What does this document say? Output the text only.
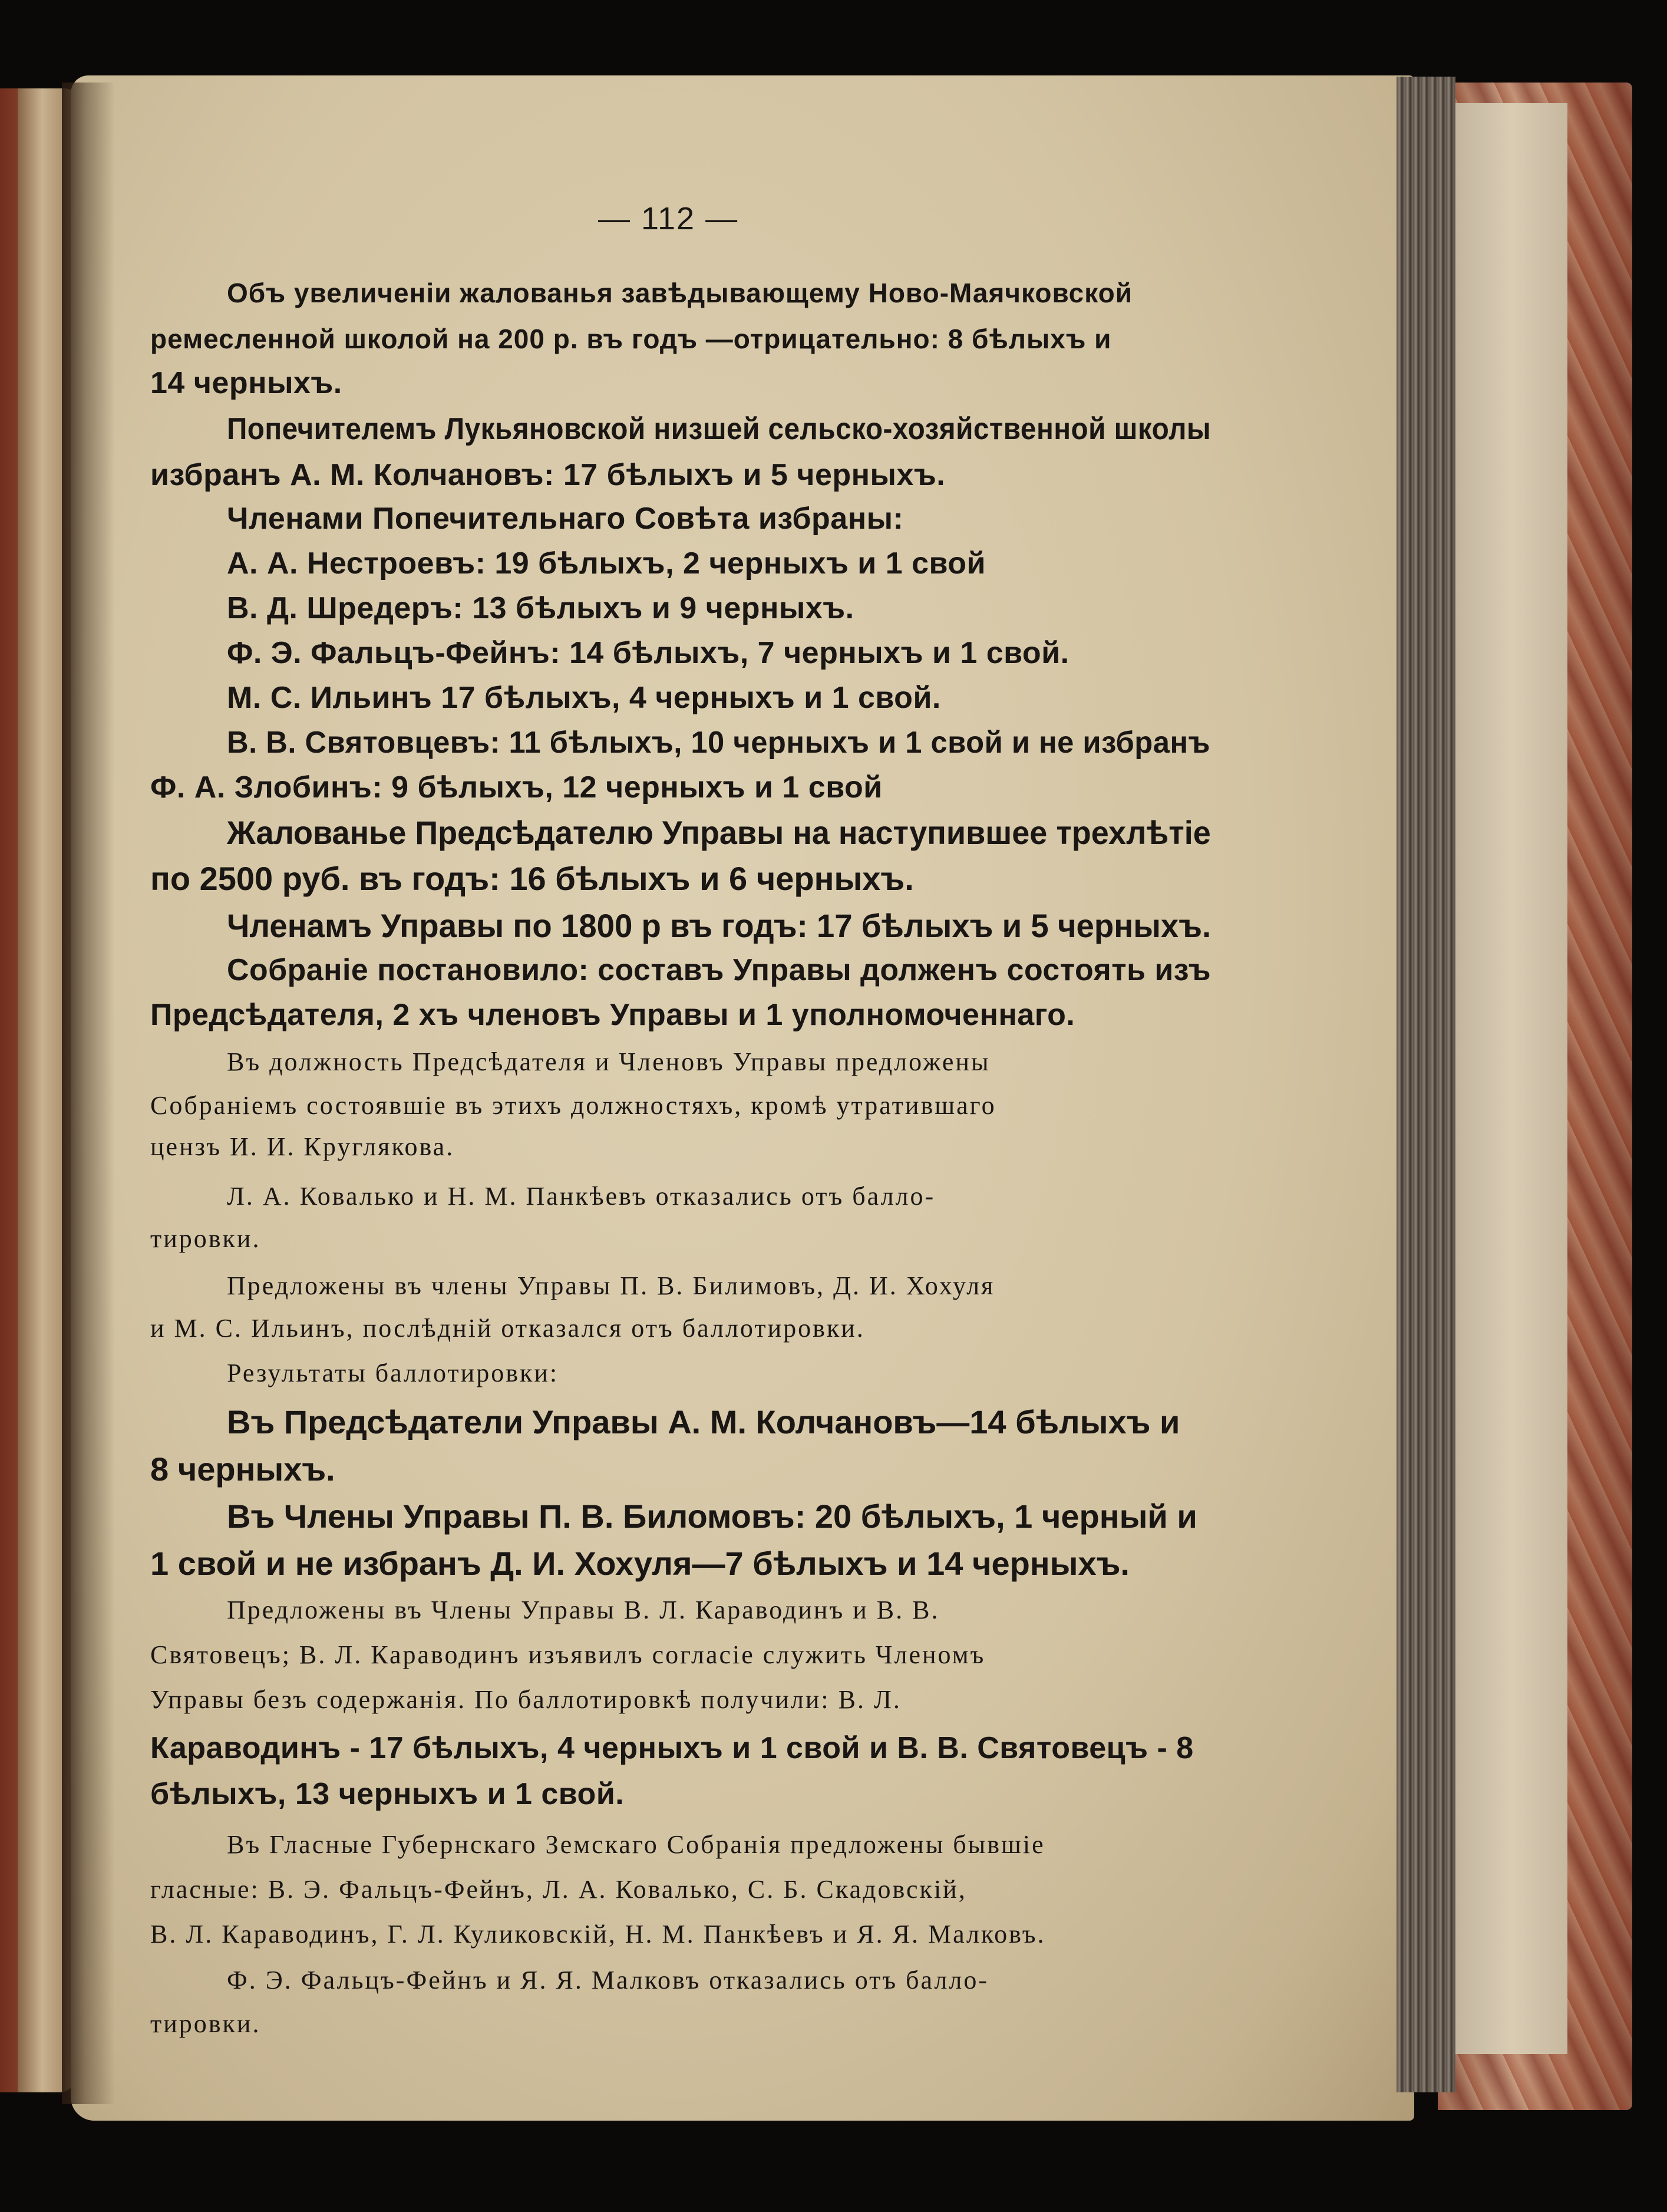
— 112 —
Объ увеличенiи жалованья завѣдывающему Ново-Маячковской
ремесленной школой на 200 р. въ годъ —отрицательно: 8 бѣлыхъ и
14 черныхъ.
Попечителемъ Лукьяновской низшей сельско-хозяйственной школы
избранъ А. М. Колчановъ: 17 бѣлыхъ и 5 черныхъ.
Членами Попечительнаго Совѣта избраны:
А. А. Нестроевъ: 19 бѣлыхъ, 2 черныхъ и 1 свой
В. Д. Шредеръ: 13 бѣлыхъ и 9 черныхъ.
Ф. Э. Фальцъ-Фейнъ: 14 бѣлыхъ, 7 черныхъ и 1 свой.
М. С. Ильинъ 17 бѣлыхъ, 4 черныхъ и 1 свой.
В. В. Святовцевъ: 11 бѣлыхъ, 10 черныхъ и 1 свой и не избранъ
Ф. А. Злобинъ: 9 бѣлыхъ, 12 черныхъ и 1 свой
Жалованье Предсѣдателю Управы на наступившее трехлѣтiе
по 2500 руб. въ годъ: 16 бѣлыхъ и 6 черныхъ.
Членамъ Управы по 1800 р въ годъ: 17 бѣлыхъ и 5 черныхъ.
Собранiе постановило: составъ Управы долженъ состоять изъ
Предсѣдателя, 2 хъ членовъ Управы и 1 уполномоченнаго.
Въ должность Предсѣдателя и Членовъ Управы предложены
Собранiемъ состоявшiе въ этихъ должностяхъ, кромѣ утратившаго
цензъ И. И. Круглякова.
Л. А. Ковалько и Н. М. Панкѣевъ отказались отъ балло-
тировки.
Предложены въ члены Управы П. В. Билимовъ, Д. И. Хохуля
и М. С. Ильинъ, послѣднiй отказался отъ баллотировки.
Результаты баллотировки:
Въ Предсѣдатели Управы А. М. Колчановъ—14 бѣлыхъ и
8 черныхъ.
Въ Члены Управы П. В. Биломовъ: 20 бѣлыхъ, 1 черный и
1 свой и не избранъ Д. И. Хохуля—7 бѣлыхъ и 14 черныхъ.
Предложены въ Члены Управы В. Л. Караводинъ и В. В.
Святовецъ; В. Л. Караводинъ изъявилъ согласiе служить Членомъ
Управы безъ содержанiя. По баллотировкѣ получили: В. Л.
Караводинъ - 17 бѣлыхъ, 4 черныхъ и 1 свой и В. В. Святовецъ - 8
бѣлыхъ, 13 черныхъ и 1 свой.
Въ Гласные Губернскаго Земскаго Собранiя предложены бывшiе
гласные: В. Э. Фальцъ-Фейнъ, Л. А. Ковалько, С. Б. Скадовскiй,
В. Л. Караводинъ, Г. Л. Куликовскiй, Н. М. Панкѣевъ и Я. Я. Малковъ.
Ф. Э. Фальцъ-Фейнъ и Я. Я. Малковъ отказались отъ балло-
тировки.
